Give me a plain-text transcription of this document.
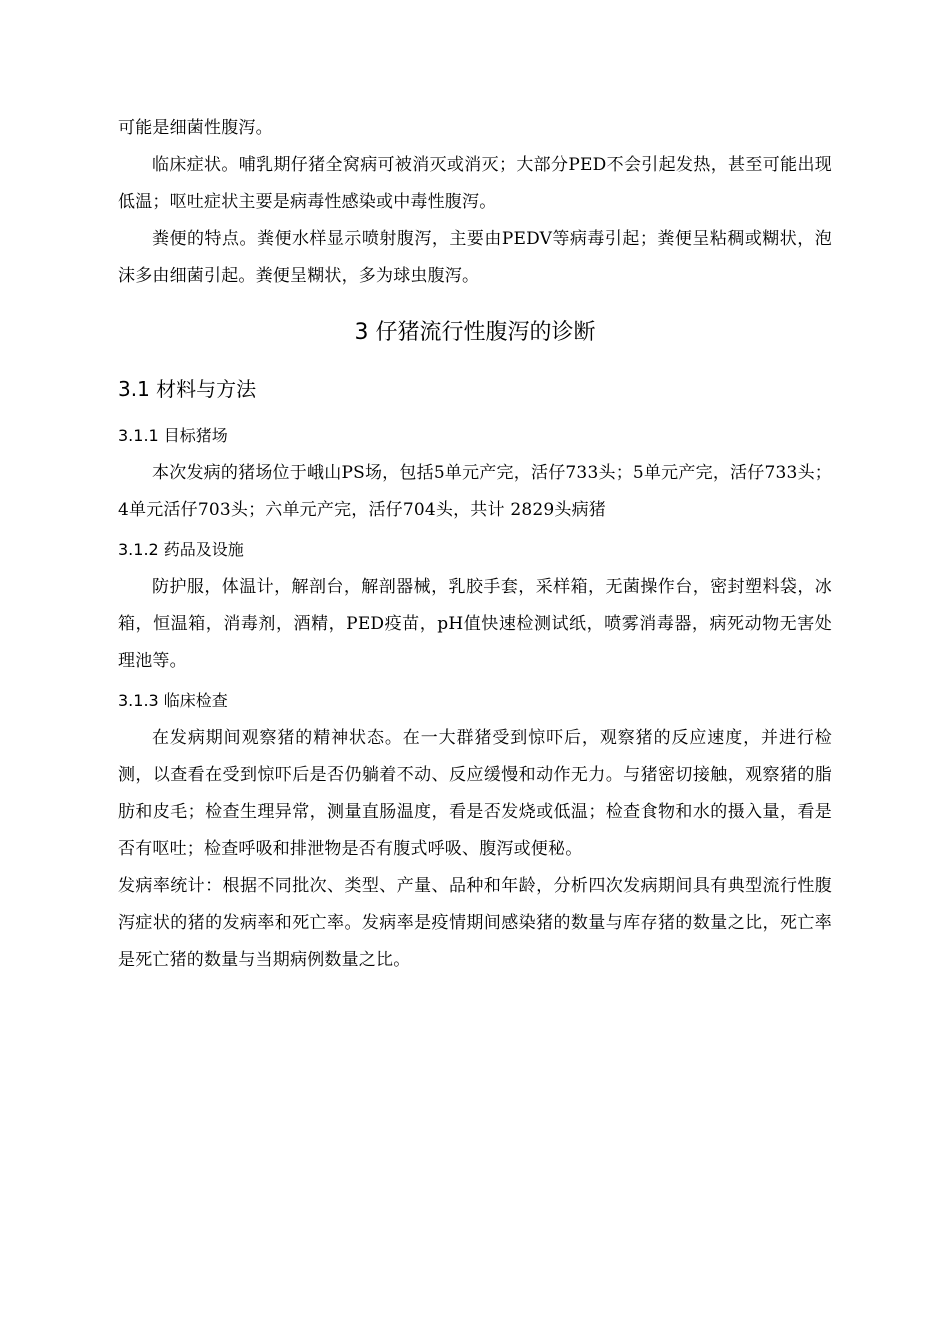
可能是细菌性腹泻。

临床症状。哺乳期仔猪全窝病可被消灭或消灭；大部分PED不会引起发热，甚至可能出现低温；呕吐症状主要是病毒性感染或中毒性腹泻。

粪便的特点。粪便水样显示喷射腹泻，主要由PEDV等病毒引起；粪便呈粘稠或糊状，泡沫多由细菌引起。粪便呈糊状，多为球虫腹泻。

3 仔猪流行性腹泻的诊断
3.1 材料与方法
3.1.1 目标猪场

本次发病的猪场位于峨山PS场，包括5单元产完，活仔733头；5单元产完，活仔733头；4单元活仔703头；六单元产完，活仔704头，共计 2829头病猪

3.1.2 药品及设施

防护服，体温计，解剖台，解剖器械，乳胶手套，采样箱，无菌操作台，密封塑料袋，冰箱，恒温箱，消毒剂，酒精，PED疫苗，pH值快速检测试纸，喷雾消毒器，病死动物无害处理池等。

3.1.3 临床检查

在发病期间观察猪的精神状态。在一大群猪受到惊吓后，观察猪的反应速度，并进行检测，以查看在受到惊吓后是否仍躺着不动、反应缓慢和动作无力。与猪密切接触，观察猪的脂肪和皮毛；检查生理异常，测量直肠温度，看是否发烧或低温；检查食物和水的摄入量，看是否有呕吐；检查呼吸和排泄物是否有腹式呼吸、腹泻或便秘。

发病率统计：根据不同批次、类型、产量、品种和年龄，分析四次发病期间具有典型流行性腹泻症状的猪的发病率和死亡率。发病率是疫情期间感染猪的数量与库存猪的数量之比，死亡率是死亡猪的数量与当期病例数量之比。
